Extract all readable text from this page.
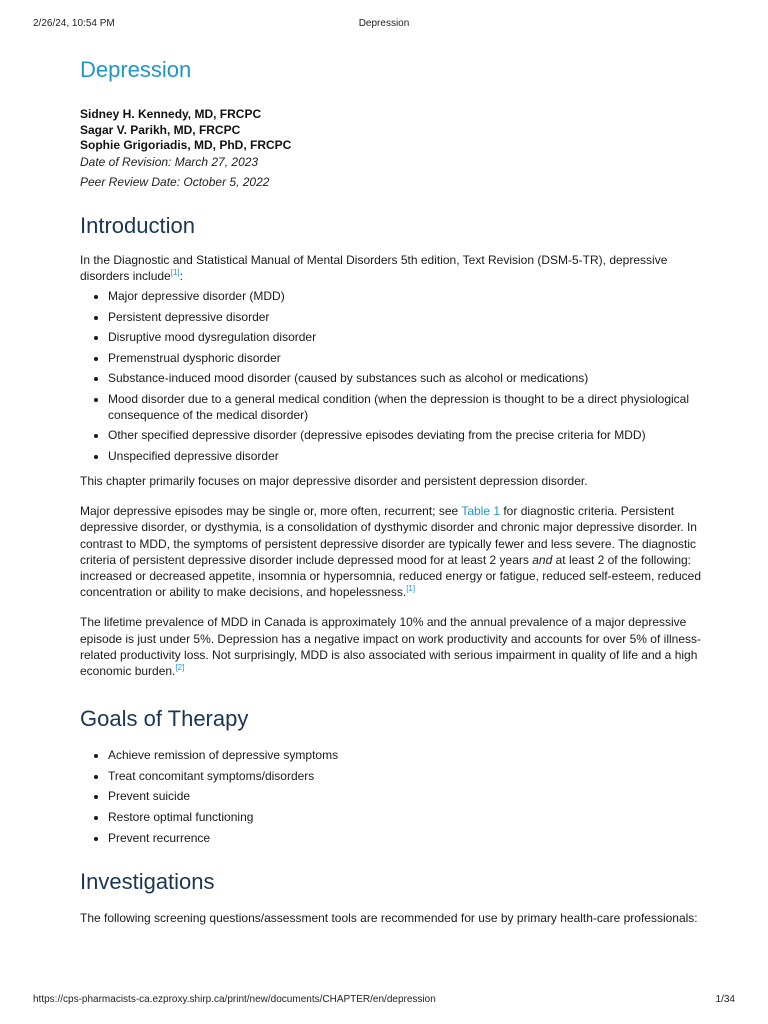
2/26/24, 10:54 PM	Depression
Depression
Sidney H. Kennedy, MD, FRCPC
Sagar V. Parikh, MD, FRCPC
Sophie Grigoriadis, MD, PhD, FRCPC
Date of Revision: March 27, 2023
Peer Review Date: October 5, 2022
Introduction

In the Diagnostic and Statistical Manual of Mental Disorders 5th edition, Text Revision (DSM-5-TR), depressive disorders include[1]:

• Major depressive disorder (MDD)
• Persistent depressive disorder
• Disruptive mood dysregulation disorder
• Premenstrual dysphoric disorder
• Substance-induced mood disorder (caused by substances such as alcohol or medications)
• Mood disorder due to a general medical condition (when the depression is thought to be a direct physiological consequence of the medical disorder)
• Other specified depressive disorder (depressive episodes deviating from the precise criteria for MDD)
• Unspecified depressive disorder

This chapter primarily focuses on major depressive disorder and persistent depression disorder.

Major depressive episodes may be single or, more often, recurrent; see Table 1 for diagnostic criteria. Persistent depressive disorder, or dysthymia, is a consolidation of dysthymic disorder and chronic major depressive disorder. In contrast to MDD, the symptoms of persistent depressive disorder are typically fewer and less severe. The diagnostic criteria of persistent depressive disorder include depressed mood for at least 2 years and at least 2 of the following: increased or decreased appetite, insomnia or hypersomnia, reduced energy or fatigue, reduced self-esteem, reduced concentration or ability to make decisions, and hopelessness.[1]

The lifetime prevalence of MDD in Canada is approximately 10% and the annual prevalence of a major depressive episode is just under 5%. Depression has a negative impact on work productivity and accounts for over 5% of illness-related productivity loss. Not surprisingly, MDD is also associated with serious impairment in quality of life and a high economic burden.[2]

Goals of Therapy
• Achieve remission of depressive symptoms
• Treat concomitant symptoms/disorders
• Prevent suicide
• Restore optimal functioning
• Prevent recurrence
Investigations

The following screening questions/assessment tools are recommended for use by primary health-care professionals:

https://cps-pharmacists-ca.ezproxy.shirp.ca/print/new/documents/CHAPTER/en/depression	1/34
